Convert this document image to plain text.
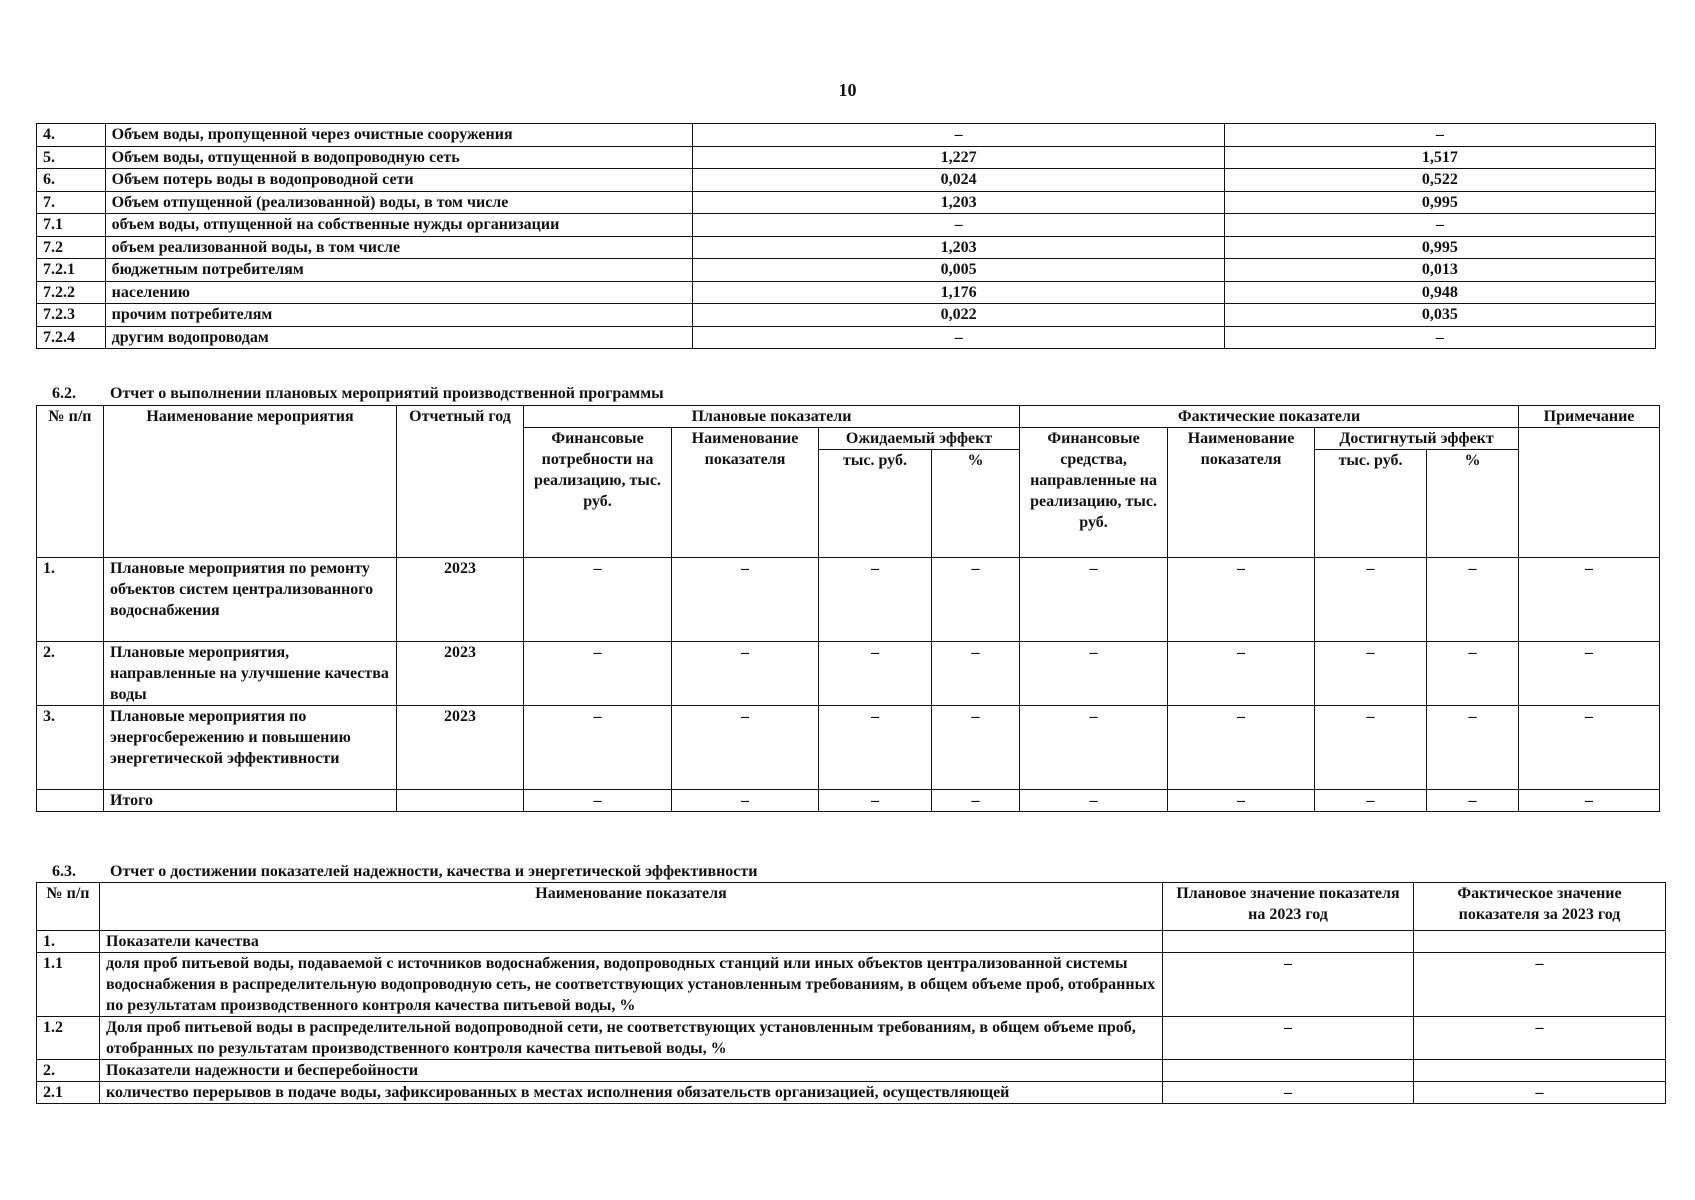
10
4.	Объем воды, пропущенной через очистные сооружения	–	–
5.	Объем воды, отпущенной в водопроводную сеть	1,227	1,517
6.	Объем потерь воды в водопроводной сети	0,024	0,522
7.	Объем отпущенной (реализованной) воды, в том числе	1,203	0,995
7.1	объем воды, отпущенной на собственные нужды организации	–	–
7.2	объем реализованной воды, в том числе	1,203	0,995
7.2.1	бюджетным потребителям	0,005	0,013
7.2.2	населению	1,176	0,948
7.2.3	прочим потребителям	0,022	0,035
7.2.4	другим водопроводам	–	–
6.2. Отчет о выполнении плановых мероприятий производственной программы
№ п/п	Наименование мероприятия	Отчетный год	Плановые показатели				Фактические показатели				Примечание
			Финансовые потребности на реализацию, тыс. руб.	Наименование показателя	Ожидаемый эффект		Финансовые средства, направленные на реализацию, тыс. руб.	Наименование показателя	Достигнутый эффект		
					тыс. руб.	%			тыс. руб.	%	
1.	Плановые мероприятия по ремонту объектов систем централизованного водоснабжения	2023	–	–	–	–	–	–	–	–	–
2.	Плановые мероприятия, направленные на улучшение качества воды	2023	–	–	–	–	–	–	–	–	–
3.	Плановые мероприятия по энергосбережению и повышению энергетической эффективности	2023	–	–	–	–	–	–	–	–	–
	Итого		–	–	–	–	–	–	–	–	–
6.3. Отчет о достижении показателей надежности, качества и энергетической эффективности
№ п/п	Наименование показателя	Плановое значение показателя на 2023 год	Фактическое значение показателя за 2023 год
1.	Показатели качества		
1.1	доля проб питьевой воды, подаваемой с источников водоснабжения, водопроводных станций или иных объектов централизованной системы водоснабжения в распределительную водопроводную сеть, не соответствующих установленным требованиям, в общем объеме проб, отобранных по результатам производственного контроля качества питьевой воды, %	–	–
1.2	Доля проб питьевой воды в распределительной водопроводной сети, не соответствующих установленным требованиям, в общем объеме проб, отобранных по результатам производственного контроля качества питьевой воды, %	–	–
2.	Показатели надежности и бесперебойности		
2.1	количество перерывов в подаче воды, зафиксированных в местах исполнения обязательств организацией, осуществляющей	–	–
